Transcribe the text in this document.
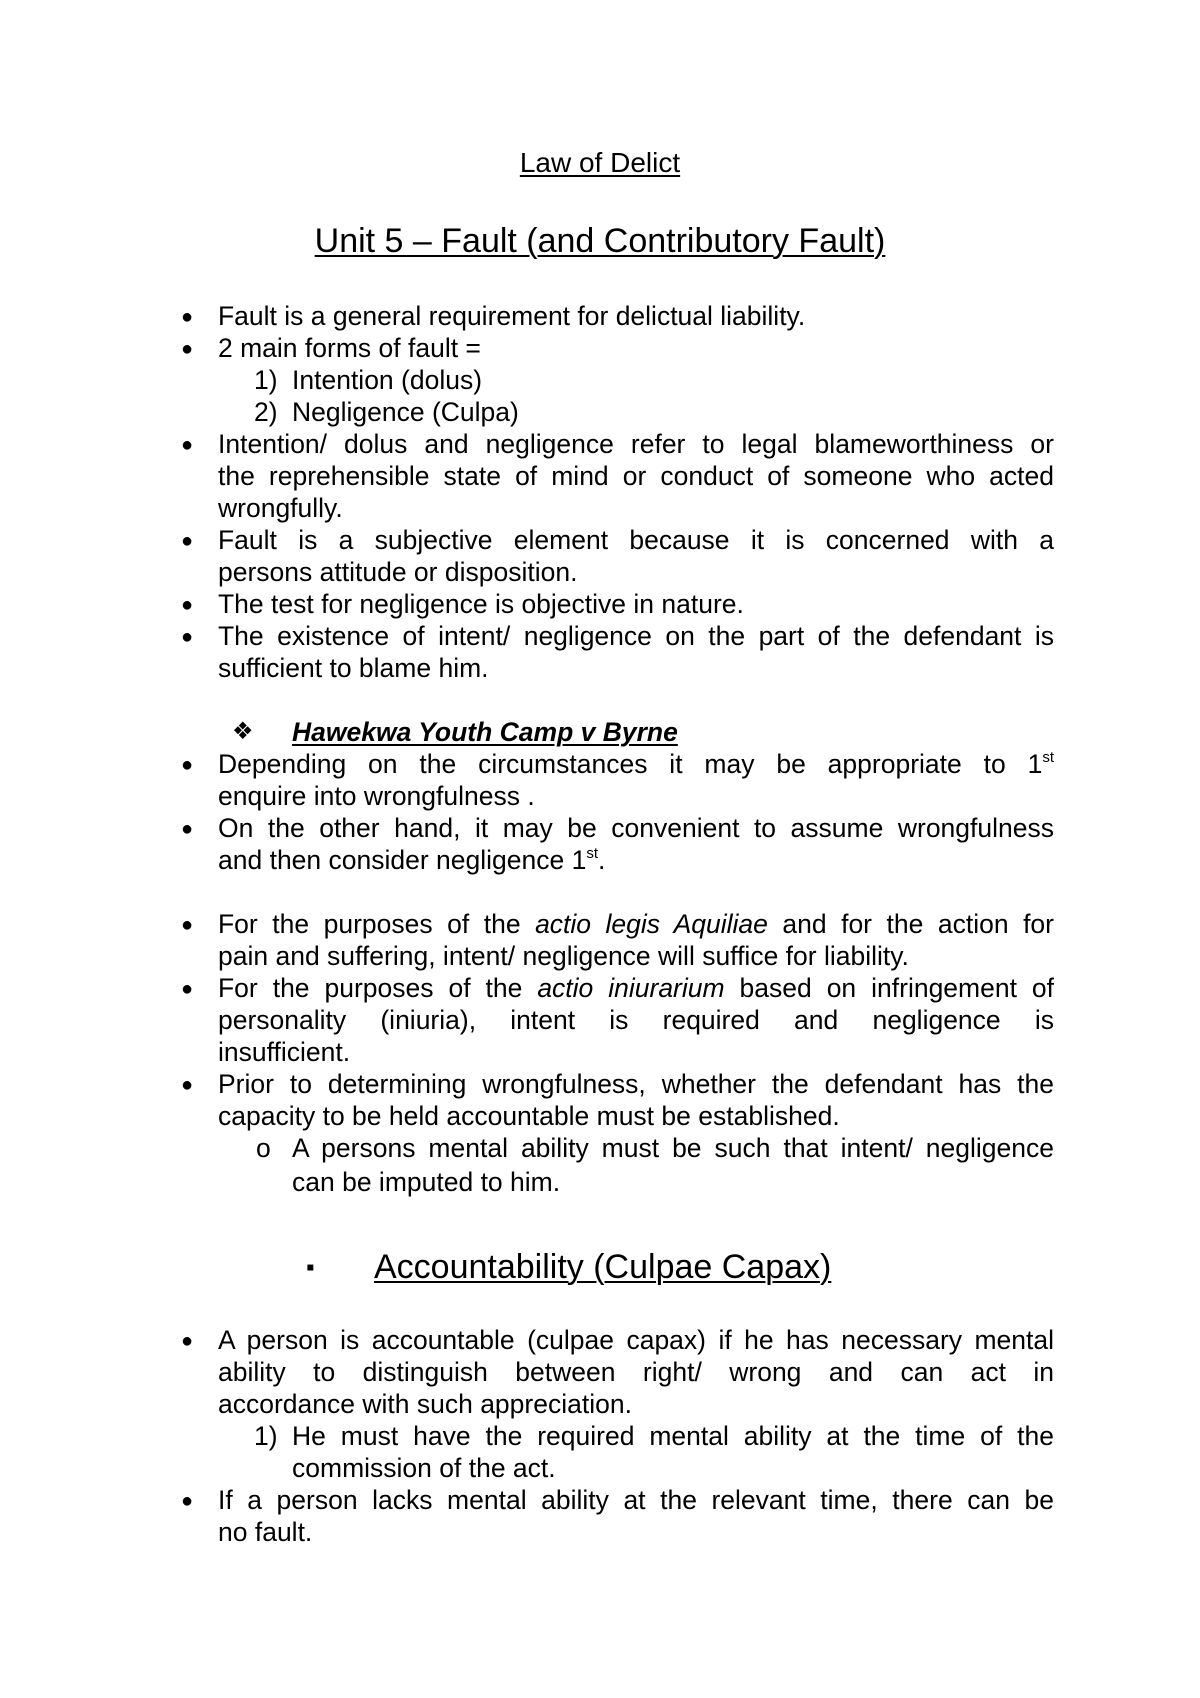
Law of Delict
Unit 5 – Fault (and Contributory Fault)
● Fault is a general requirement for delictual liability.
● 2 main forms of fault =
1) Intention (dolus)
2) Negligence (Culpa)
● Intention/ dolus and negligence refer to legal blameworthiness or
the reprehensible state of mind or conduct of someone who acted
wrongfully.
● Fault is a subjective element because it is concerned with a
persons attitude or disposition.
● The test for negligence is objective in nature.
● The existence of intent/ negligence on the part of the defendant is
sufficient to blame him.
❖ Hawekwa Youth Camp v Byrne
● Depending on the circumstances it may be appropriate to 1st
enquire into wrongfulness .
● On the other hand, it may be convenient to assume wrongfulness
and then consider negligence 1st.
● For the purposes of the actio legis Aquiliae and for the action for
pain and suffering, intent/ negligence will suffice for liability.
● For the purposes of the actio iniurarium based on infringement of
personality (iniuria), intent is required and negligence is
insufficient.
● Prior to determining wrongfulness, whether the defendant has the
capacity to be held accountable must be established.
o A persons mental ability must be such that intent/ negligence
can be imputed to him.
▪ Accountability (Culpae Capax)
● A person is accountable (culpae capax) if he has necessary mental
ability to distinguish between right/ wrong and can act in
accordance with such appreciation.
1) He must have the required mental ability at the time of the
commission of the act.
● If a person lacks mental ability at the relevant time, there can be
no fault.
